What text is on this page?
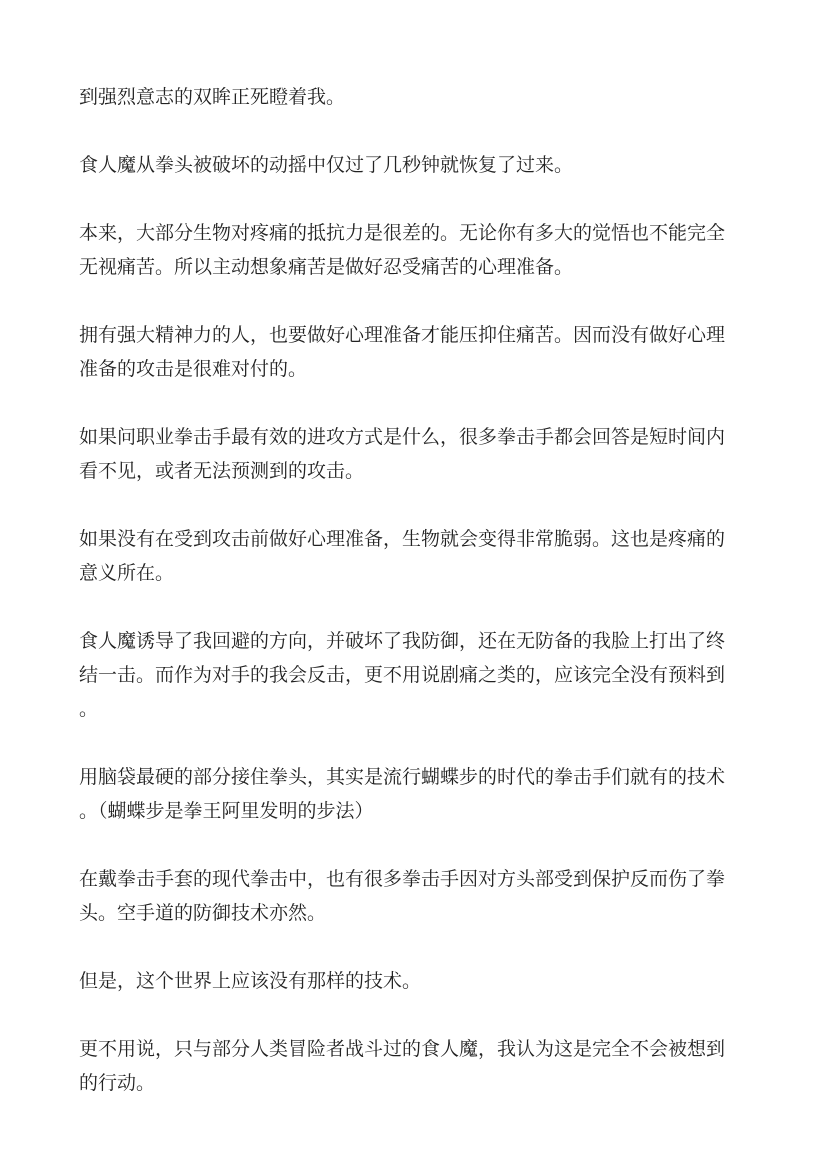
到强烈意志的双眸正死瞪着我。

食人魔从拳头被破坏的动摇中仅过了几秒钟就恢复了过来。

本来，大部分生物对疼痛的抵抗力是很差的。无论你有多大的觉悟也不能完全
无视痛苦。所以主动想象痛苦是做好忍受痛苦的心理准备。

拥有强大精神力的人，也要做好心理准备才能压抑住痛苦。因而没有做好心理
准备的攻击是很难对付的。

如果问职业拳击手最有效的进攻方式是什么，很多拳击手都会回答是短时间内
看不见，或者无法预测到的攻击。

如果没有在受到攻击前做好心理准备，生物就会变得非常脆弱。这也是疼痛的
意义所在。

食人魔诱导了我回避的方向，并破坏了我防御，还在无防备的我脸上打出了终
结一击。而作为对手的我会反击，更不用说剧痛之类的，应该完全没有预料到
。

用脑袋最硬的部分接住拳头，其实是流行蝴蝶步的时代的拳击手们就有的技术
。（蝴蝶步是拳王阿里发明的步法）

在戴拳击手套的现代拳击中，也有很多拳击手因对方头部受到保护反而伤了拳
头。空手道的防御技术亦然。

但是，这个世界上应该没有那样的技术。

更不用说，只与部分人类冒险者战斗过的食人魔，我认为这是完全不会被想到
的行动。
